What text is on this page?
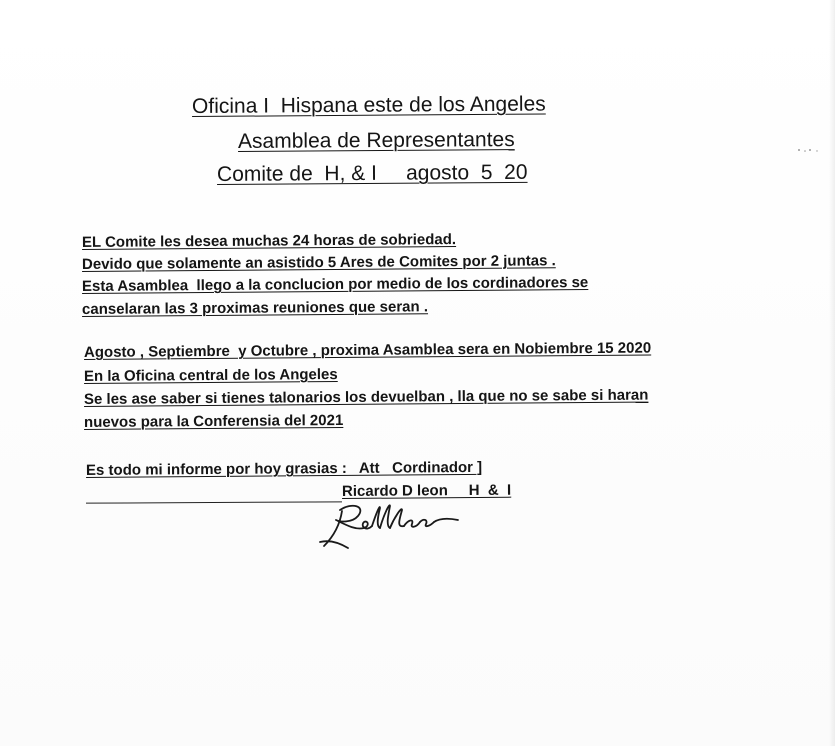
Oficina I  Hispana este de los Angeles
Asamblea de Representantes
Comite de  H, & I     agosto  5  20
EL Comite les desea muchas 24 horas de sobriedad.
Devido que solamente an asistido 5 Ares de Comites por 2 juntas .
Esta Asamblea  llego a la conclucion por medio de los cordinadores se
canselaran las 3 proximas reuniones que seran .
Agosto , Septiembre  y Octubre , proxima Asamblea sera en Nobiembre 15 2020
En la Oficina central de los Angeles
Se les ase saber si tienes talonarios los devuelban , lla que no se sabe si haran
nuevos para la Conferensia del 2021
Es todo mi informe por hoy grasias :   Att   Cordinador ]
Ricardo D leon     H  &  I
